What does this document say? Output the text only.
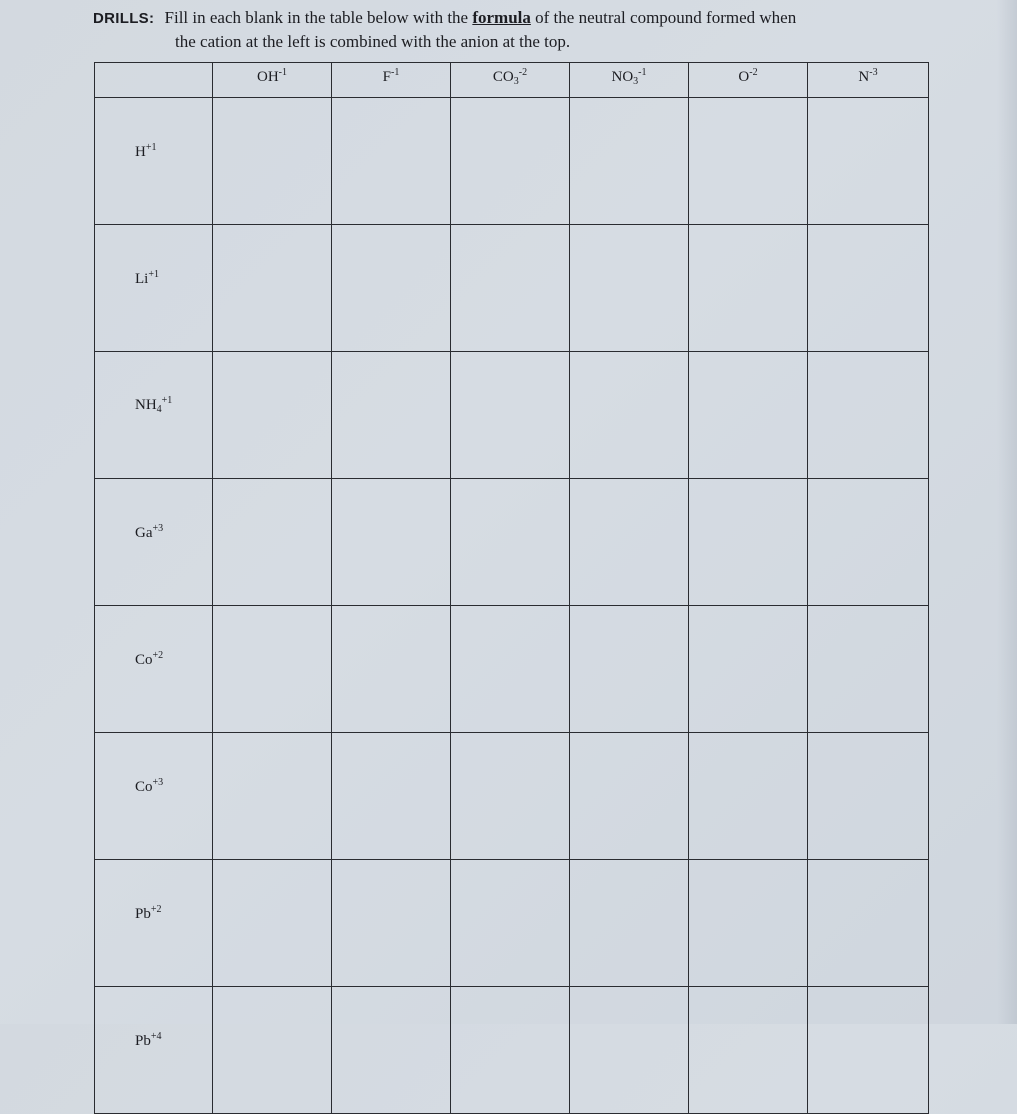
DRILLS: Fill in each blank in the table below with the formula of the neutral compound formed when
the cation at the left is combined with the anion at the top.
	$OH^{-1}$	$F^{-1}$	$CO_3^{-2}$	$NO_3^{-1}$	$O^{-2}$	$N^{-3}$
$H^{+1}$						
$Li^{+1}$						
$NH_4^{+1}$						
$Ga^{+3}$						
$Co^{+2}$						
$Co^{+3}$						
$Pb^{+2}$						
$Pb^{+4}$						
